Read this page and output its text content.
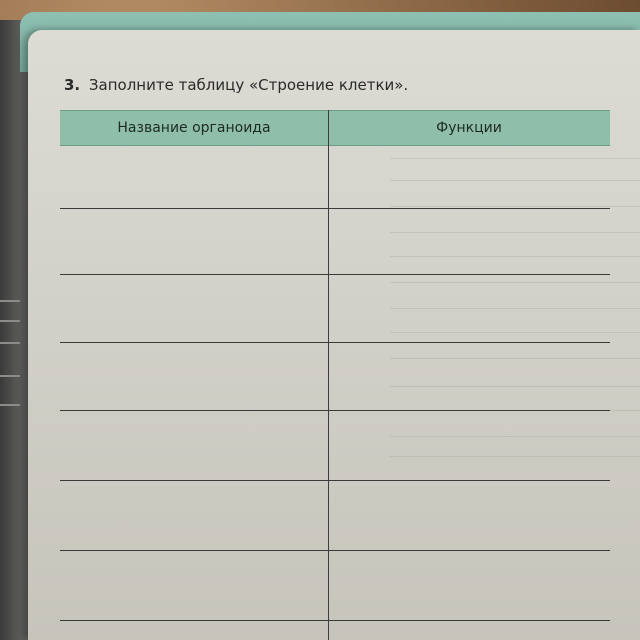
3. Заполните таблицу «Строение клетки».
Название органоида	Функции
